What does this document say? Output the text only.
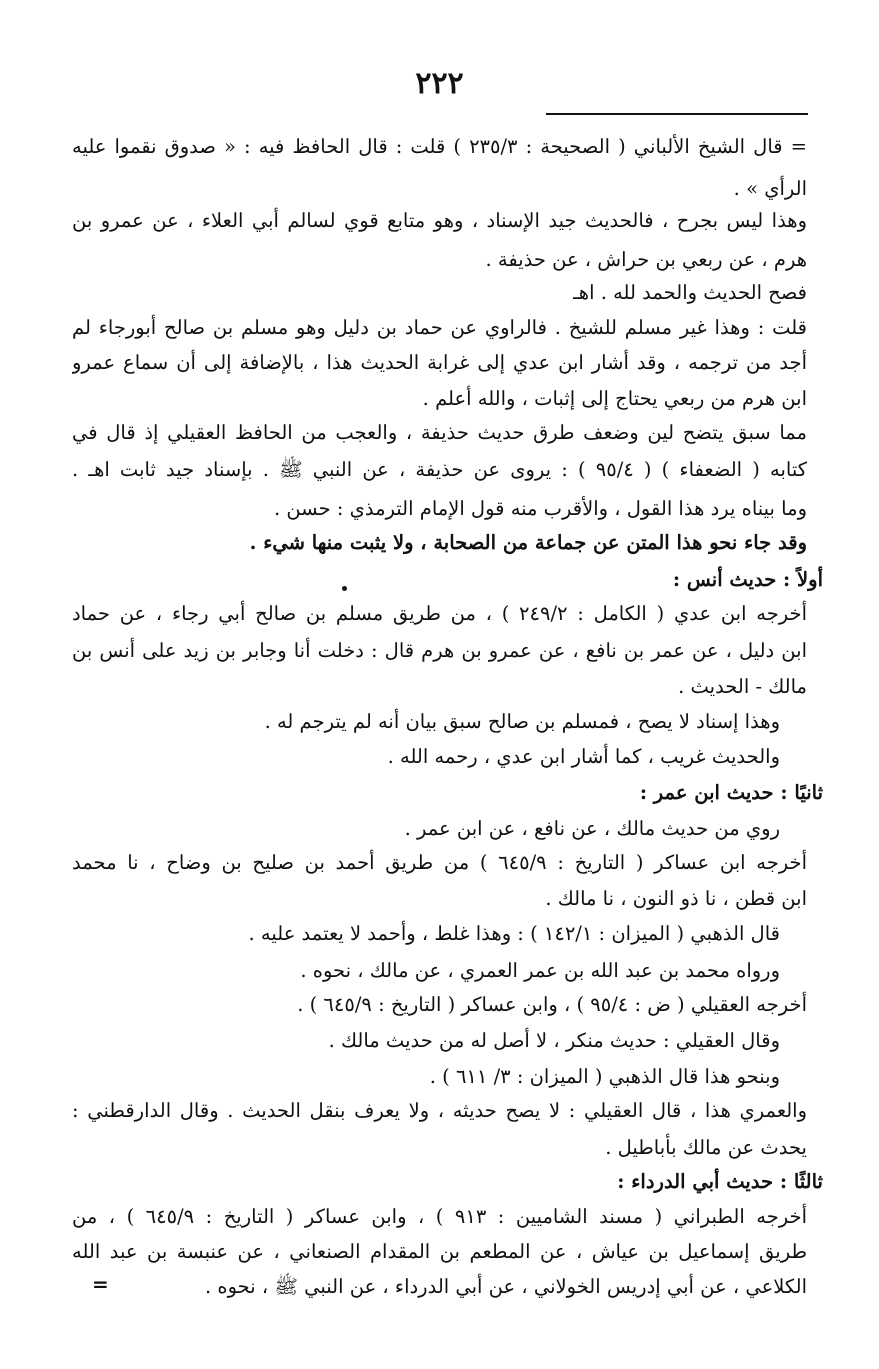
٢٢٢
= قال الشيخ الألباني ( الصحيحة : ٢٣٥/٣ ) قلت : قال الحافظ فيه : « صدوق نقموا عليه
الرأي » .
وهذا ليس بجرح ، فالحديث جيد الإسناد ، وهو متابع قوي لسالم أبي العلاء ، عن عمرو بن
هرم ، عن ربعي بن حراش ، عن حذيفة .
فصح الحديث والحمد لله . اهـ
قلت : وهذا غير مسلم للشيخ . فالراوي عن حماد بن دليل وهو مسلم بن صالح أبورجاء لم
أجد من ترجمه ، وقد أشار ابن عدي إلى غرابة الحديث هذا ، بالإضافة إلى أن سماع عمرو
ابن هرم من ربعي يحتاج إلى إثبات ، والله أعلم .
مما سبق يتضح لين وضعف طرق حديث حذيفة ، والعجب من الحافظ العقيلي إذ قال في
كتابه ( الضعفاء ) ( ٩٥/٤ ) : يروى عن حذيفة ، عن النبي ﷺ . بإسناد جيد ثابت اهـ .
وما بيناه يرد هذا القول ، والأقرب منه قول الإمام الترمذي : حسن .
وقد جاء نحو هذا المتن عن جماعة من الصحابة ، ولا يثبت منها شيء .
أولاً : حديث أنس :
أخرجه ابن عدي ( الكامل : ٢٤٩/٢ ) ، من طريق مسلم بن صالح أبي رجاء ، عن حماد
ابن دليل ، عن عمر بن نافع ، عن عمرو بن هرم قال : دخلت أنا وجابر بن زيد على أنس بن
مالك - الحديث .
وهذا إسناد لا يصح ، فمسلم بن صالح سبق بيان أنه لم يترجم له .
والحديث غريب ، كما أشار ابن عدي ، رحمه الله .
ثانيًا : حديث ابن عمر :
روي من حديث مالك ، عن نافع ، عن ابن عمر .
أخرجه ابن عساكر ( التاريخ : ٦٤٥/٩ ) من طريق أحمد بن صليح بن وضاح ، نا محمد
ابن قطن ، نا ذو النون ، نا مالك .
قال الذهبي ( الميزان : ١٤٢/١ ) : وهذا غلط ، وأحمد لا يعتمد عليه .
ورواه محمد بن عبد الله بن عمر العمري ، عن مالك ، نحوه .
أخرجه العقيلي ( ض : ٩٥/٤ ) ، وابن عساكر ( التاريخ : ٦٤٥/٩ ) .
وقال العقيلي : حديث منكر ، لا أصل له من حديث مالك .
وبنحو هذا قال الذهبي ( الميزان : ٣/ ٦١١ ) .
والعمري هذا ، قال العقيلي : لا يصح حديثه ، ولا يعرف بنقل الحديث . وقال الدارقطني :
يحدث عن مالك بأباطيل .
ثالثًا : حديث أبي الدرداء :
أخرجه الطبراني ( مسند الشاميين : ٩١٣ ) ، وابن عساكر ( التاريخ : ٦٤٥/٩ ) ، من
طريق إسماعيل بن عياش ، عن المطعم بن المقدام الصنعاني ، عن عنبسة بن عبد الله
الكلاعي ، عن أبي إدريس الخولاني ، عن أبي الدرداء ، عن النبي ﷺ ، نحوه .
=
